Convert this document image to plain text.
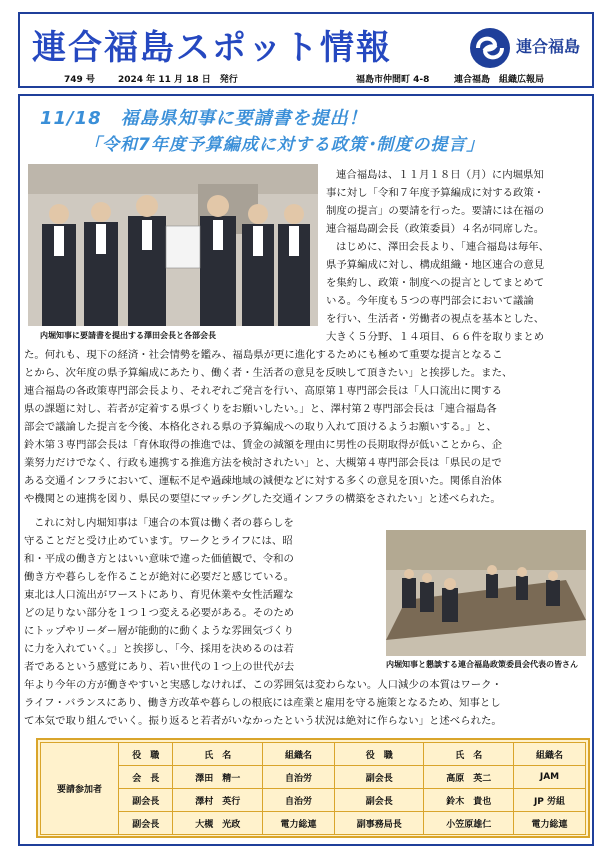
連合福島スポット情報	連合福島
749 号	2024 年 11 月 18 日　発行	福島市仲間町 4-8	連合福島　組織広報局
11/18　福島県知事に要請書を提出！
「令和7年度予算編成に対する政策･制度の提言」
内堀知事に要請書を提出する澤田会長と各部会長
内堀知事と懇談する連合福島政策委員会代表の皆さん
連合福島は、１１月１８日（月）に内堀県知
事に対し「令和７年度予算編成に対する政策・
制度の提言」の要請を行った。要請には在福の
連合福島副会長（政策委員）４名が同席した。
はじめに、澤田会長より、｢連合福島は毎年、
県予算編成に対し、構成組織・地区連合の意見
を集約し、政策・制度への提言としてまとめて
いる。今年度も５つの専門部会において議論
を行い、生活者・労働者の視点を基本とした、
大きく５分野、１４項目、６６件を取りまとめ
た。何れも、現下の経済・社会情勢を鑑み、福島県が更に進化するためにも極めて重要な提言となるこ
とから、次年度の県予算編成にあたり、働く者・生活者の意見を反映して頂きたい」と挨拶した。また、
連合福島の各政策専門部会長より、それぞれご発言を行い、高原第１専門部会長は「人口流出に関する
県の課題に対し、若者が定着する県づくりをお願いしたい。」と、澤村第２専門部会長は「連合福島各
部会で議論した提言を今後、本格化される県の予算編成への取り入れて頂けるようお願いする。」と、
鈴木第３専門部会長は「育休取得の推進では、賃金の減額を理由に男性の長期取得が低いことから、企
業努力だけでなく、行政も連携する推進方法を検討されたい」と、大槻第４専門部会長は「県民の足で
ある交通インフラにおいて、運転不足や過疎地域の減便などに対する多くの意見を頂いた。関係自治体
や機関との連携を図り、県民の要望にマッチングした交通インフラの構築をされたい」と述べられた。
これに対し内堀知事は「連合の本質は働く者の暮らしを
守ることだと受け止めています。ワークとライフには、昭
和・平成の働き方とはいい意味で違った価値観で、令和の
働き方や暮らしを作ることが絶対に必要だと感じている。
東北は人口流出がワーストにあり、育児休業や女性活躍な
どの足りない部分を１つ１つ変える必要がある。そのため
にトップやリーダー層が能動的に動くような雰囲気づくり
に力を入れていく。」と挨拶し、「今、採用を決めるのは若
者であるという感覚にあり、若い世代の１つ上の世代が去
年より今年の方が働きやすいと実感しなければ、この雰囲気は変わらない。人口減少の本質はワーク・
ライフ・バランスにあり、働き方改革や暮らしの根底には産業と雇用を守る施策となるため、知事とし
て本気で取り組んでいく。振り返ると若者がいなかったという状況は絶対に作らない」と述べられた。
要請参加者	役　職	氏　名	組織名	役　職	氏　名	組織名
	会　長	澤田　精一	自治労	副会長	高原　英二	JAM
	副会長	澤村　英行	自治労	副会長	鈴木　貴也	JP 労組
	副会長	大槻　光政	電力総連	副事務局長	小笠原雄仁	電力総連
